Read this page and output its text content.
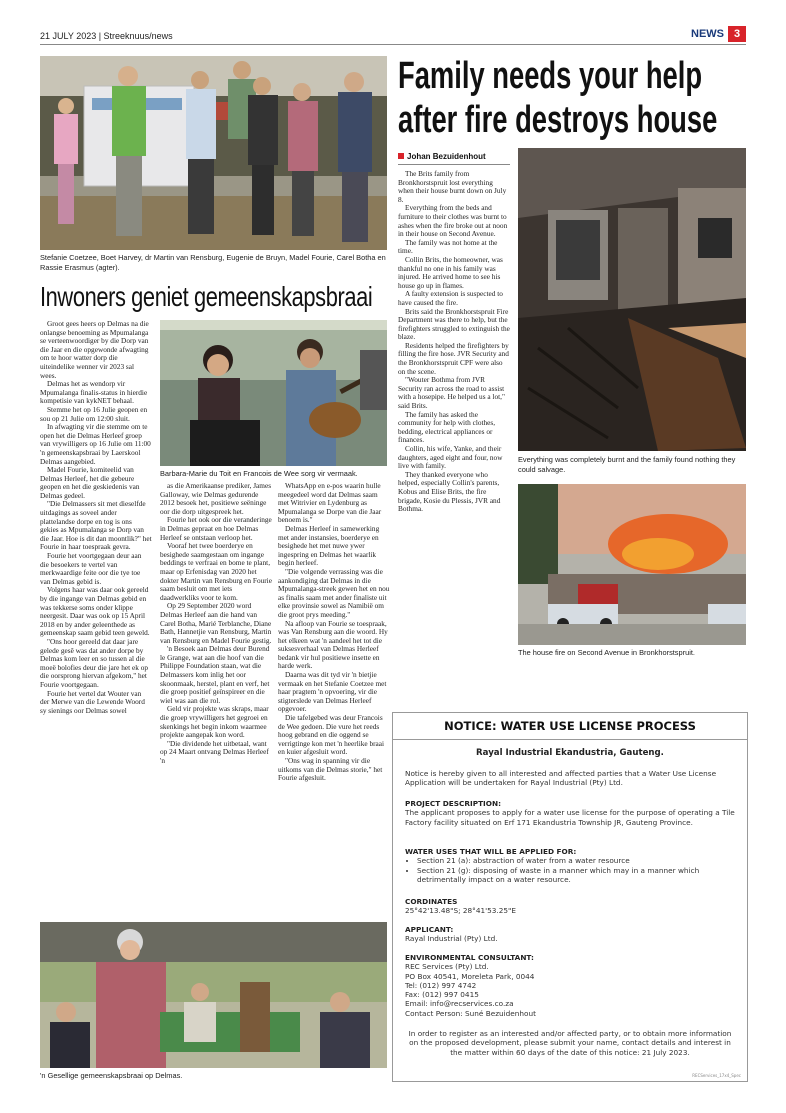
21 JULY 2023 | Streeknuus/news	NEWS 3
Stefanie Coetzee, Boet Harvey, dr Martin van Rensburg, Eugenie de Bruyn, Madel Fourie, Carel Botha en Rassie Erasmus (agter).
Inwoners geniet gemeenskapsbraai

Groot gees heers op Delmas na die onlangse benoeming as Mpumalanga se verteenwoordiger by die Dorp van die Jaar en die opgewonde afwagting om te hoor watter dorp die uiteindelike wenner vir 2023 sal wees.

Delmas het as wendorp vir Mpumalanga finalis-status in hierdie kompetisie van kykNET behaal.

Stemme het op 16 Julie geopen en sou op 21 Julie om 12:00 sluit.

In afwagting vir die stemme om te open het die Delmas Herleef groep van vrywilligers op 16 Julie om 11:00 'n gemeenskapsbraai by Laerskool Delmas aangebied.

Madel Fourie, komiteelid van Delmas Herleef, het die gebeure geopen en het die geskiedenis van Delmas gedeel.

"Die Delmassers sit met dieselfde uitdagings as soveel ander plattelandse dorpe en tog is ons gekies as Mpumalanga se Dorp van die Jaar. Hoe is dit dan moontlik?" het Fourie in haar toespraak gevra.

Fourie het voortgegaan deur aan die besoekers te vertel van merkwaardige feite oor die tye toe van Delmas gebid is.

Volgens haar was daar ook gereeld by die ingange van Delmas gebid en was tekkerse soms onder klippe neergesit. Daar was ook op 15 April 2018 en by ander geleenthede as gemeenskap saam gebid teen geweld.

"Ons hoor gereeld dat daar jare gelede gesê was dat ander dorpe by Delmas kom leer en so tussen al die moeë bolofies deur die jare het ek op die oorsprong hiervan afgekom," het Fourie voortgegaan.

Fourie het vertel dat Wouter van der Merwe van die Lewende Woord sy sienings oor Delmas sowel

Barbara-Marie du Toit en Francois de Wee sorg vir vermaak.

as die Amerikaanse prediker, James Galloway, wie Delmas gedurende 2012 besoek het, positiewe seëninge oor die dorp uitgespreek het.

Fourie het ook oor die veranderinge in Delmas gepraat en hoe Delmas Herleef se ontstaan verloop het.

Vooraf het twee boerderye en besighede saamgestaan om ingange beddings te verfraai en bome te plant, maar op Erfenisdag van 2020 het dokter Martin van Rensburg en Fourie saam besluit om met iets daadwerkliks voor te kom.

Op 29 September 2020 word Delmas Herleef aan die hand van Carel Botha, Marié Terblanche, Diane Bath, Hannetjie van Rensburg, Martin van Rensburg en Madel Fourie gestig.

'n Besoek aan Delmas deur Burend le Grange, wat aan die hoof van die Philippe Foundation staan, wat die Delmassers kom inlig het oor skoonmaak, herstel, plant en verf, het die groep positief geïnspireer en die wiel was aan die rol.

Geld vir projekte was skraps, maar die groep vrywilligers het gegroei en skenkings het begin inkom waarmee projekte aangepak kon word.

"Die dividende het uitbetaal, want op 24 Maart ontvang Delmas Herleef 'n

WhatsApp en e-pos waarin hulle meegedeel word dat Delmas saam met Witrivier en Lydenburg as Mpumalanga se Dorpe van die Jaar benoem is."

Delmas Herleef in samewerking met ander instansies, boerderye en besighede het met nuwe ywer ingespring en Delmas het waarlik begin herleef.

"Die volgende verrassing was die aankondiging dat Delmas in die Mpumalanga-streek gewen het en nou as finalis saam met ander finaliste uit elke provinsie sowel as Namibië om die groot prys meeding."

Na afloop van Fourie se toespraak, was Van Rensburg aan die woord. Hy het elkeen wat 'n aandeel het tot die suksesverhaal van Delmas Herleef bedank vir hul positiewe insette en harde werk.

Daarna was dit tyd vir 'n bietjie vermaak en het Stefanie Coetzee met haar pragtem 'n opvoering, vir die stigterslede van Delmas Herleef opgevoer.

Die tafelgebed was deur Francois de Wee gedoen. Die vure het reeds hoog gebrand en die oggend se verrigtinge kon met 'n heerlike braai en kuier afgesluit word.

"Ons wag in spanning vir die uitkoms van die Delmas storie," het Fourie afgesluit.

'n Gesellige gemeenskapsbraai op Delmas.
Family needs your help
after fire destroys house
Johan Bezuidenhout

The Brits family from Bronkhorstspruit lost everything when their house burnt down on July 8.

Everything from the beds and furniture to their clothes was burnt to ashes when the fire broke out at noon in their house on Second Avenue.

The family was not home at the time.

Collin Brits, the homeowner, was thankful no one in his family was injured. He arrived home to see his house go up in flames.

A faulty extension is suspected to have caused the fire.

Brits said the Bronkhorstspruit Fire Department was there to help, but the firefighters struggled to extinguish the blaze.

Residents helped the firefighters by filling the fire hose. JVR Security and the Bronkhorstspruit CPF were also on the scene.

"Wouter Bothma from JVR Security ran across the road to assist with a hosepipe. He helped us a lot," said Brits.

The family has asked the community for help with clothes, bedding, electrical appliances or finances.

Collin, his wife, Yanke, and their daughters, aged eight and four, now live with family.

They thanked everyone who helped, especially Collin's parents, Kobus and Elise Brits, the fire brigade, Kosie du Plessis, JVR and Bothma.

Everything was completely burnt and the family found nothing they could salvage.
The house fire on Second Avenue in Bronkhorstspruit.
NOTICE: WATER USE LICENSE PROCESS
Rayal Industrial Ekandustria, Gauteng.
Notice is hereby given to all interested and affected parties that a Water Use License Application will be undertaken for Rayal Industrial (Pty) Ltd.
PROJECT DESCRIPTION:
The applicant proposes to apply for a water use license for the purpose of operating a Tile Factory facility situated on Erf 171 Ekandustria Township JR, Gauteng Province.
WATER USES THAT WILL BE APPLIED FOR:
• Section 21 (a): abstraction of water from a water resource
• Section 21 (g): disposing of waste in a manner which may in a manner which detrimentally impact on a water resource.
CORDINATES
25°42'13.48"S; 28°41'53.25"E
APPLICANT:
Rayal Industrial (Pty) Ltd.
ENVIRONMENTAL CONSULTANT:
REC Services (Pty) Ltd.
PO Box 40541, Moreleta Park, 0044
Tel: (012) 997 4742
Fax: (012) 997 0415
Email: info@recservices.co.za
Contact Person: Suné Bezuidenhout
In order to register as an interested and/or affected party, or to obtain more information on the proposed development, please submit your name, contact details and interest in the matter within 60 days of the date of this notice: 21 July 2023.
RECServices_17x4_Spec
